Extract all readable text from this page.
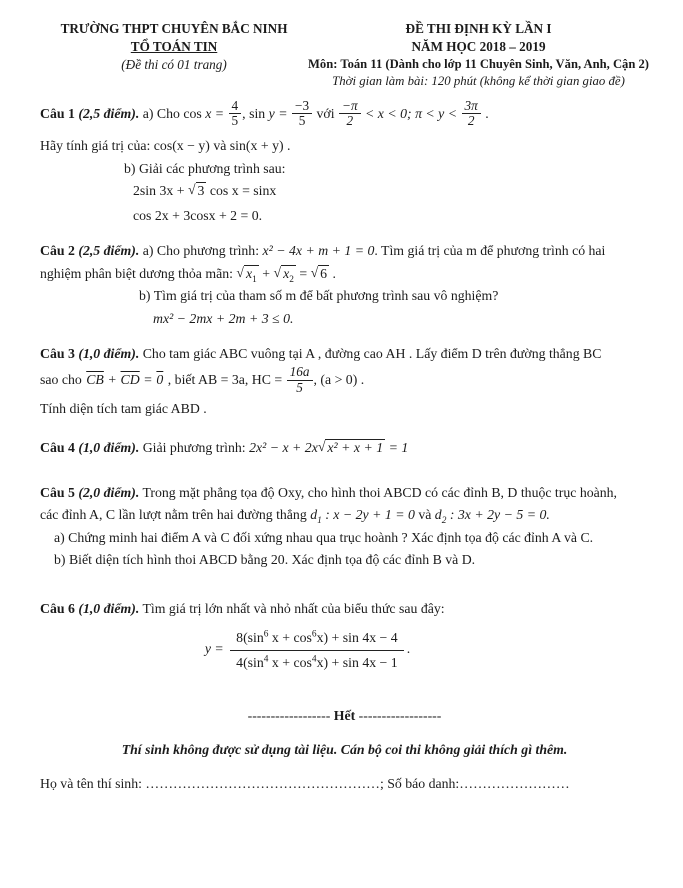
TRƯỜNG THPT CHUYÊN BẮC NINH
TỔ TOÁN TIN
(Đề thi có 01 trang)
ĐỀ THI ĐỊNH KỲ LẦN I
NĂM HỌC 2018 – 2019
Môn: Toán 11 (Dành cho lớp 11 Chuyên Sinh, Văn, Anh, Cận 2)
Thời gian làm bài: 120 phút (không kể thời gian giao đề)

Câu 1 (2,5 điểm). a) Cho $\cos x = \frac{4}{5}$ , $\sin y = \frac{-3}{5}$ với $\frac{-\pi}{2} < x < 0$; $\pi < y < \frac{3\pi}{2}$ .

Hãy tính giá trị của: cos(x − y) và sin(x + y) .

b) Giải các phương trình sau:

2sin 3x + √ 3 cos x = sinx

cos 2x + 3cosx + 2 = 0.

Câu 2 (2,5 điểm). a) Cho phương trình: x² − 4x + m + 1 = 0. Tìm giá trị của m để phương trình có hai

nghiệm phân biệt dương thỏa mãn: √ $x_1$ + √ $x_2$ = √ 6 .

b) Tìm giá trị của tham số m để bất phương trình sau vô nghiệm?

mx² − 2mx + 2m + 3 ≤ 0.

Câu 3 (1,0 điểm). Cho tam giác ABC vuông tại A , đường cao AH . Lấy điểm D trên đường thẳng BC

sao cho $\overline{CB} + \overline{CD} = 0$ , biết AB = 3a, HC = $\frac{16a}{5}$ , (a > 0) .

Tính diện tích tam giác ABD .

Câu 4 (1,0 điểm). Giải phương trình: 2x² − x + 2x√ x² + x + 1 = 1

Câu 5 (2,0 điểm). Trong mặt phẳng tọa độ Oxy, cho hình thoi ABCD có các đỉnh B, D thuộc trục hoành,

các đỉnh A, C lần lượt nằm trên hai đường thẳng $d_1$ : x − 2y + 1 = 0 và $d_2$ : 3x + 2y − 5 = 0.

a) Chứng minh hai điểm A và C đối xứng nhau qua trục hoành ? Xác định tọa độ các đỉnh A và C.

b) Biết diện tích hình thoi ABCD bằng 20. Xác định tọa độ các đỉnh B và D.

Câu 6 (1,0 điểm). Tìm giá trị lớn nhất và nhỏ nhất của biểu thức sau đây:

$y = \frac{8(\sin^6 x + \cos^6x) + \sin 4x - 4}{4(\sin^4 x + \cos^4x) + \sin 4x - 1}$ .

------------------ Hết ------------------

Thí sinh không được sử dụng tài liệu. Cán bộ coi thi không giải thích gì thêm.

Họ và tên thí sinh: ……………………………………………; Số báo danh:……………………
